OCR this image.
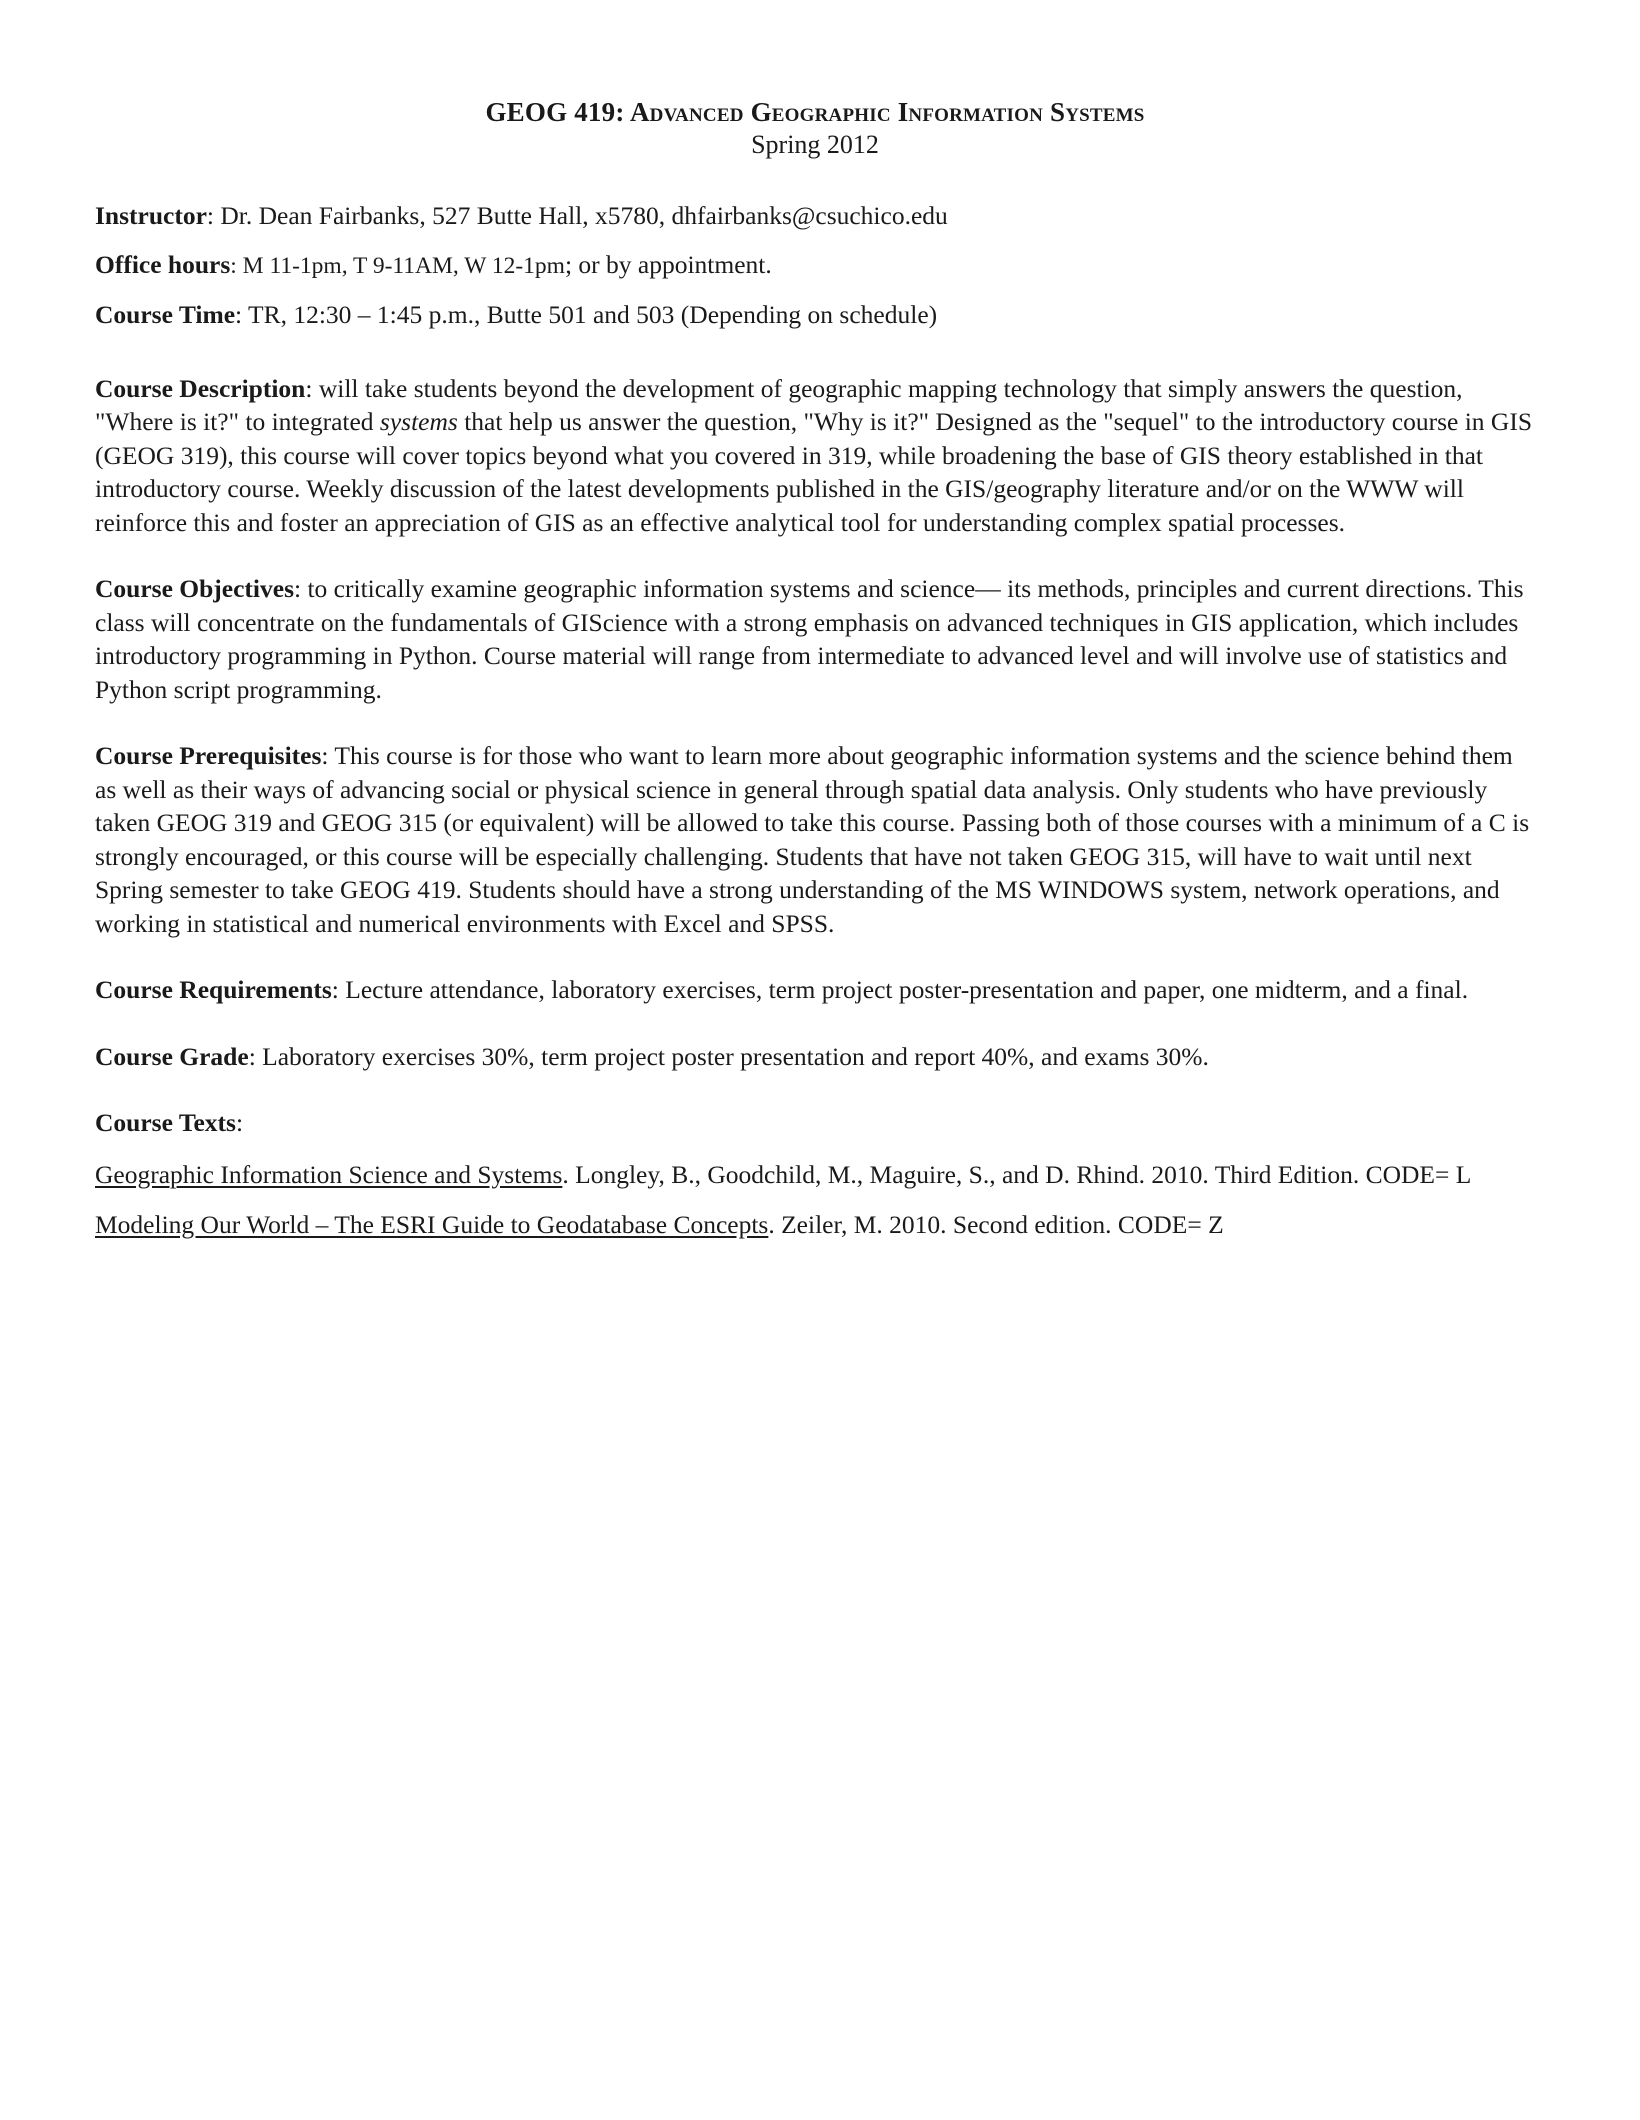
GEOG 419: Advanced Geographic Information Systems
Spring 2012
Instructor: Dr. Dean Fairbanks, 527 Butte Hall, x5780, dhfairbanks@csuchico.edu
Office hours: M 11-1pm, T 9-11AM, W 12-1pm; or by appointment.
Course Time: TR, 12:30 – 1:45 p.m., Butte 501 and 503 (Depending on schedule)
Course Description: will take students beyond the development of geographic mapping technology that simply answers the question, "Where is it?" to integrated systems that help us answer the question, "Why is it?" Designed as the "sequel" to the introductory course in GIS (GEOG 319), this course will cover topics beyond what you covered in 319, while broadening the base of GIS theory established in that introductory course. Weekly discussion of the latest developments published in the GIS/geography literature and/or on the WWW will reinforce this and foster an appreciation of GIS as an effective analytical tool for understanding complex spatial processes.
Course Objectives: to critically examine geographic information systems and science— its methods, principles and current directions. This class will concentrate on the fundamentals of GIScience with a strong emphasis on advanced techniques in GIS application, which includes introductory programming in Python. Course material will range from intermediate to advanced level and will involve use of statistics and Python script programming.
Course Prerequisites: This course is for those who want to learn more about geographic information systems and the science behind them as well as their ways of advancing social or physical science in general through spatial data analysis. Only students who have previously taken GEOG 319 and GEOG 315 (or equivalent) will be allowed to take this course. Passing both of those courses with a minimum of a C is strongly encouraged, or this course will be especially challenging. Students that have not taken GEOG 315, will have to wait until next Spring semester to take GEOG 419. Students should have a strong understanding of the MS WINDOWS system, network operations, and working in statistical and numerical environments with Excel and SPSS.
Course Requirements: Lecture attendance, laboratory exercises, term project poster-presentation and paper, one midterm, and a final.
Course Grade: Laboratory exercises 30%, term project poster presentation and report 40%, and exams 30%.
Course Texts:
Geographic Information Science and Systems. Longley, B., Goodchild, M., Maguire, S., and D. Rhind. 2010. Third Edition. CODE= L
Modeling Our World – The ESRI Guide to Geodatabase Concepts. Zeiler, M. 2010. Second edition. CODE= Z
